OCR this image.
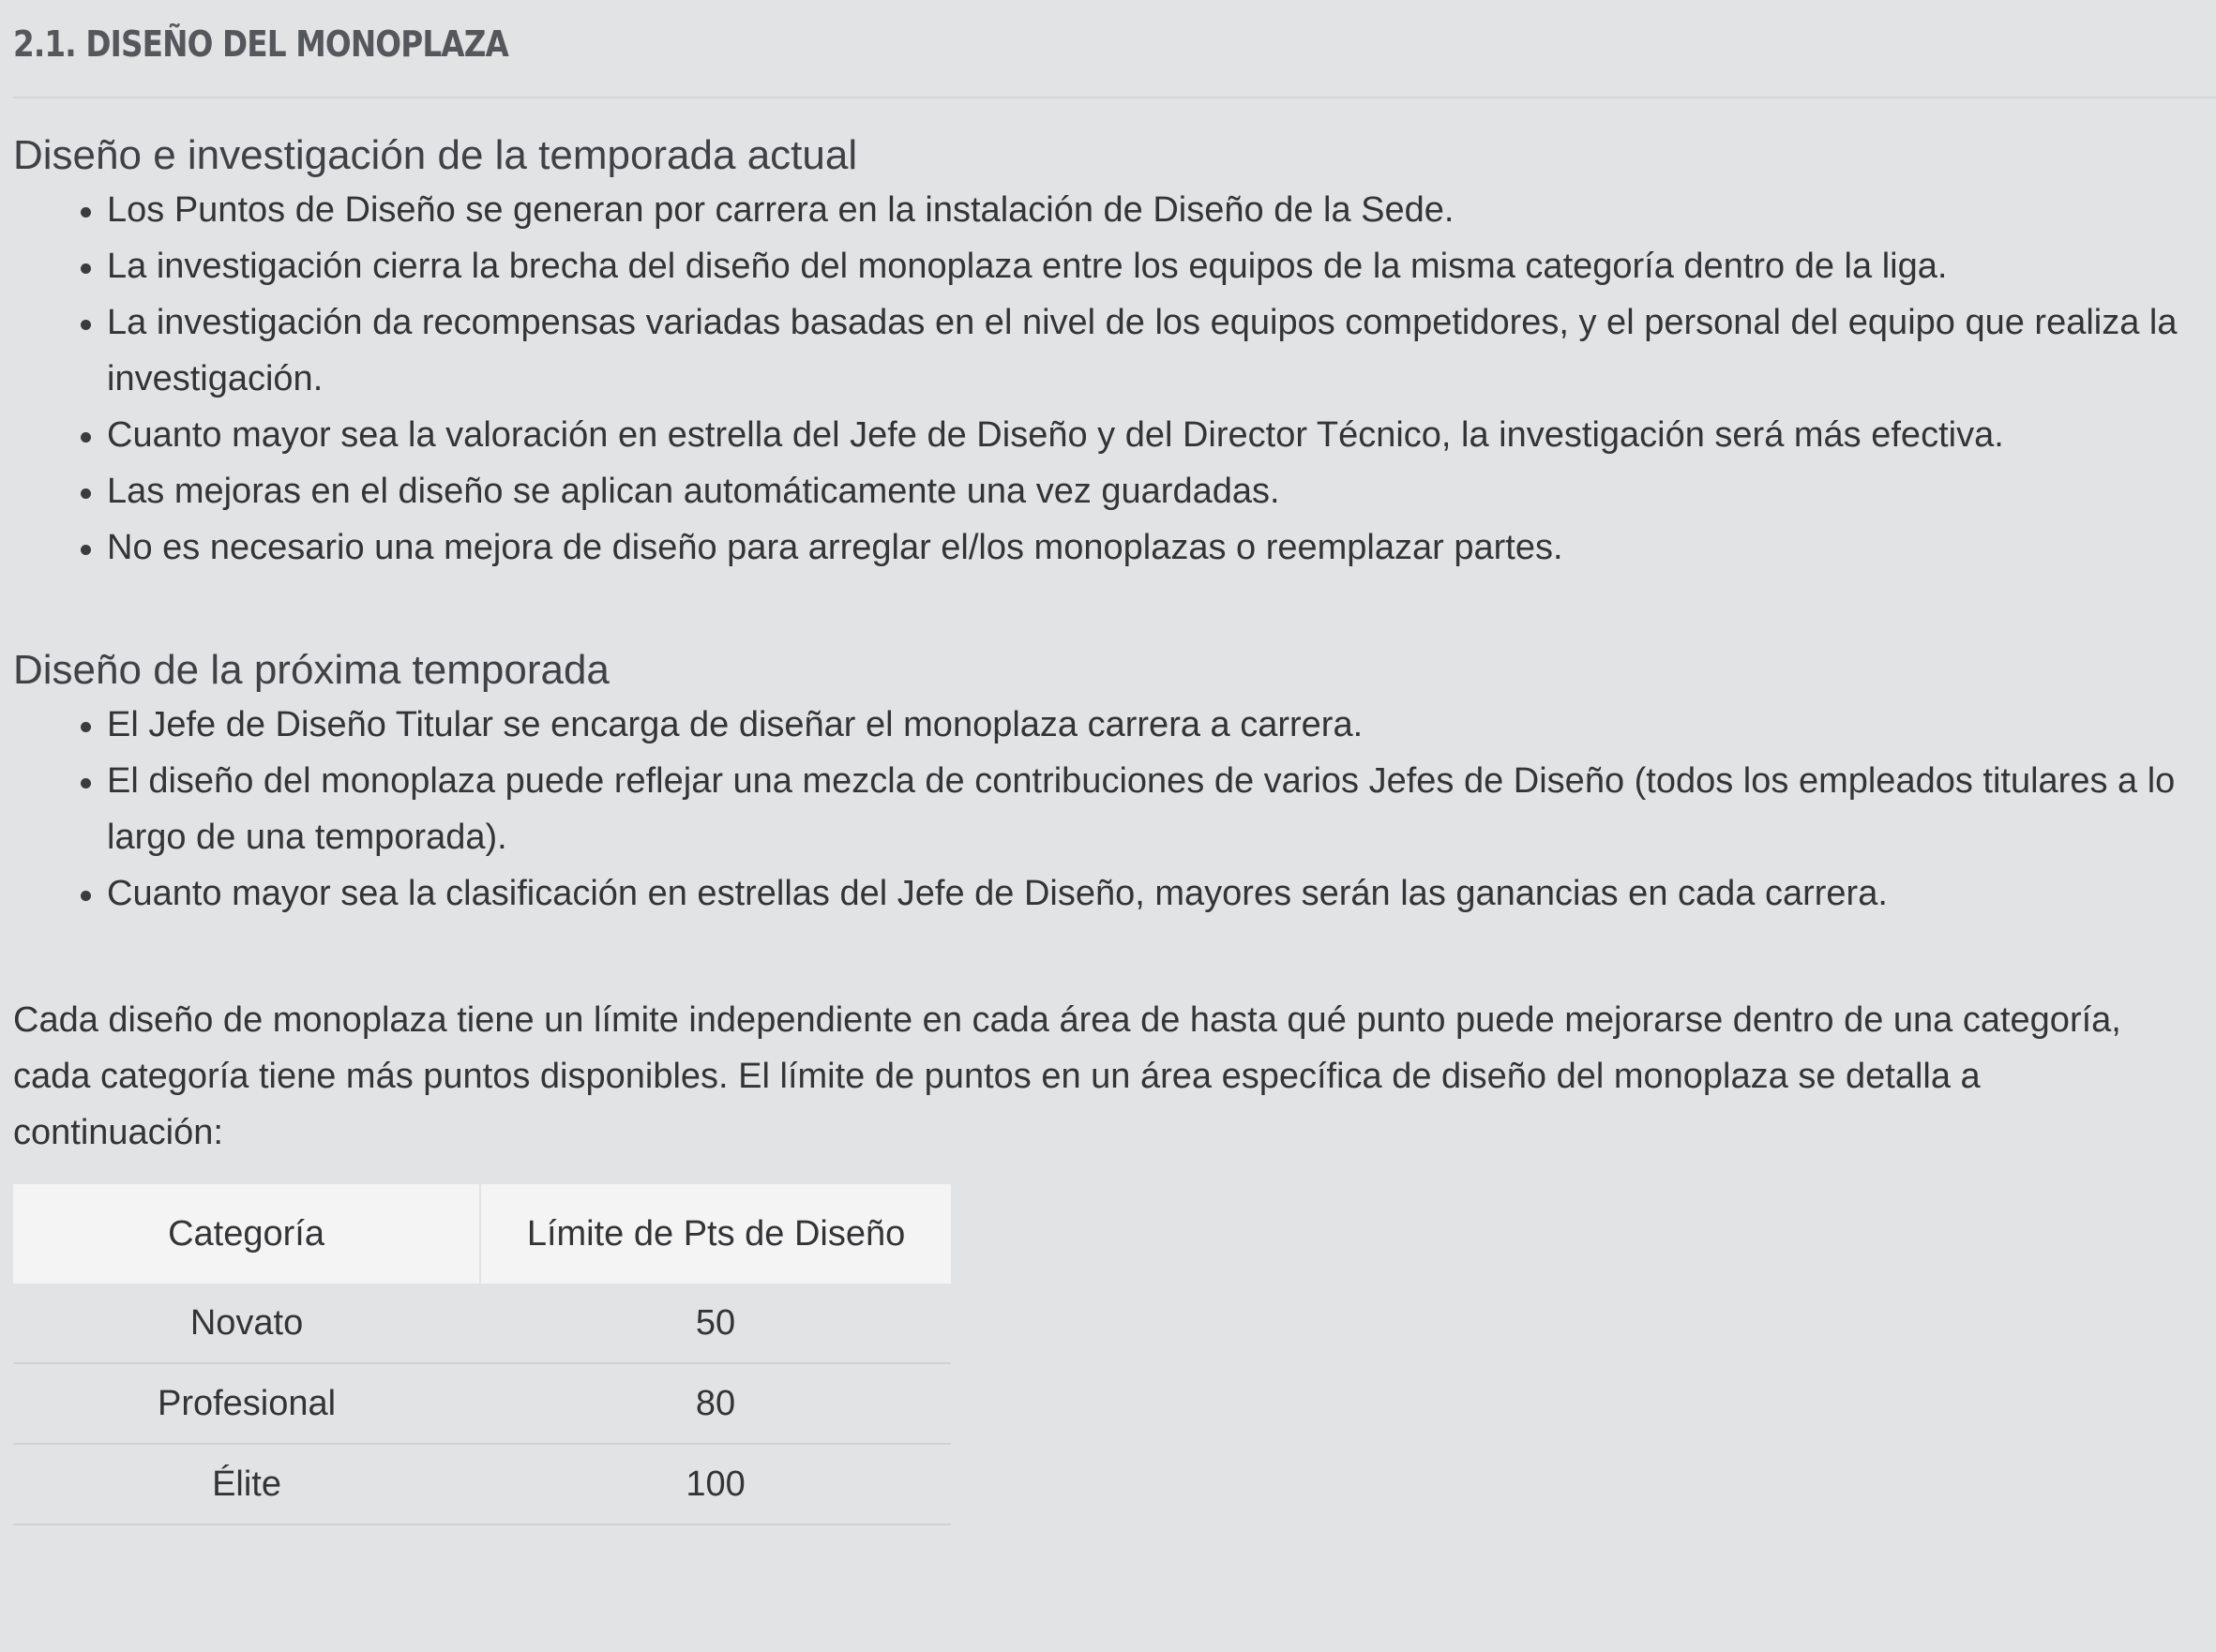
2.1. DISEÑO DEL MONOPLAZA
Diseño e investigación de la temporada actual
Los Puntos de Diseño se generan por carrera en la instalación de Diseño de la Sede.
La investigación cierra la brecha del diseño del monoplaza entre los equipos de la misma categoría dentro de la liga.
La investigación da recompensas variadas basadas en el nivel de los equipos competidores, y el personal del equipo que realiza la investigación.
Cuanto mayor sea la valoración en estrella del Jefe de Diseño y del Director Técnico, la investigación será más efectiva.
Las mejoras en el diseño se aplican automáticamente una vez guardadas.
No es necesario una mejora de diseño para arreglar el/los monoplazas o reemplazar partes.
Diseño de la próxima temporada
El Jefe de Diseño Titular se encarga de diseñar el monoplaza carrera a carrera.
El diseño del monoplaza puede reflejar una mezcla de contribuciones de varios Jefes de Diseño (todos los empleados titulares a lo largo de una temporada).
Cuanto mayor sea la clasificación en estrellas del Jefe de Diseño, mayores serán las ganancias en cada carrera.

Cada diseño de monoplaza tiene un límite independiente en cada área de hasta qué punto puede mejorarse dentro de una categoría, cada categoría tiene más puntos disponibles. El límite de puntos en un área específica de diseño del monoplaza se detalla a continuación:

Categoría	Límite de Pts de Diseño
Novato	50
Profesional	80
Élite	100
